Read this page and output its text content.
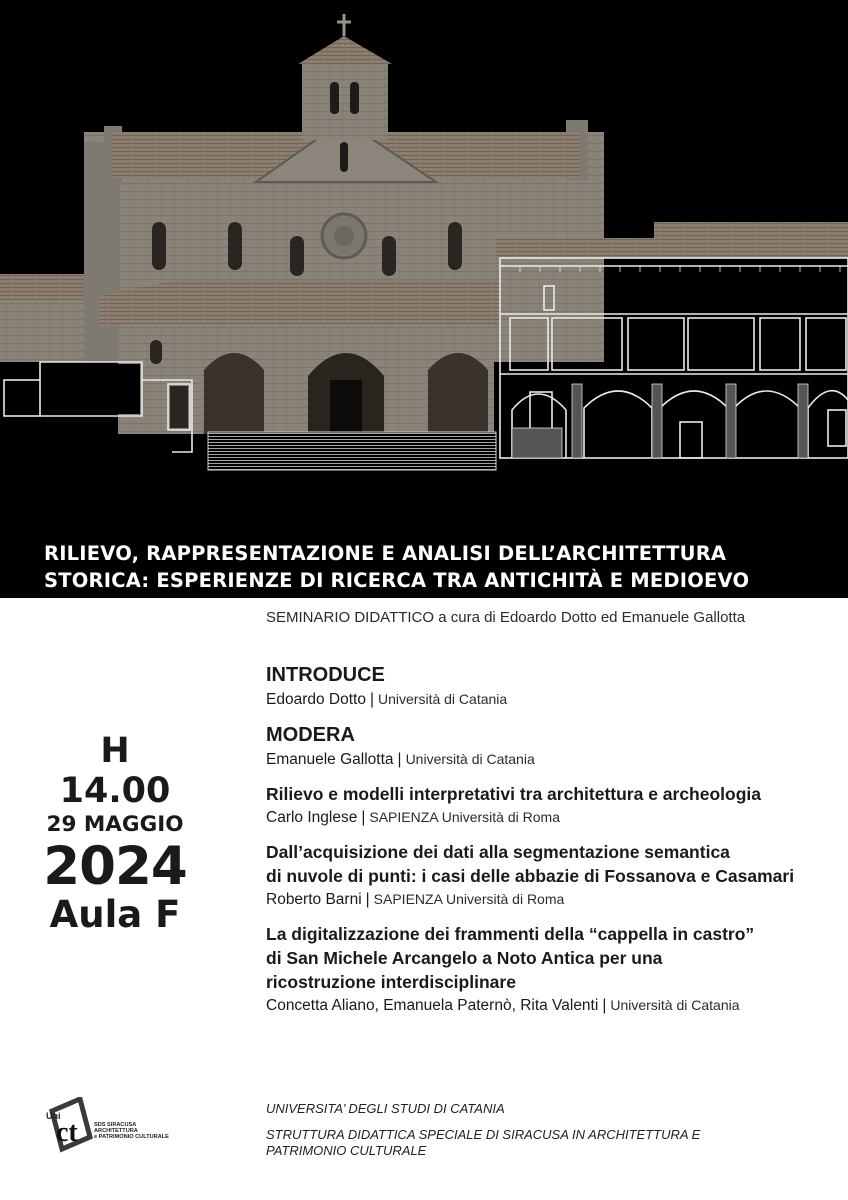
RILIEVO, RAPPRESENTAZIONE E ANALISI DELL’ARCHITETTURA
STORICA: ESPERIENZE DI RICERCA TRA ANTICHITÀ E MEDIOEVO
SEMINARIO DIDATTICO a cura di Edoardo Dotto ed Emanuele Gallotta
H 14.00
29 MAGGIO
2024
Aula F
INTRODUCE
Edoardo Dotto | Università di Catania
MODERA
Emanuele Gallotta | Università di Catania
Rilievo e modelli interpretativi tra architettura e archeologia
Carlo Inglese | SAPIENZA Università di Roma
Dall’acquisizione dei dati alla segmentazione semantica
di nuvole di punti: i casi delle abbazie di Fossanova e Casamari
Roberto Barni | SAPIENZA Università di Roma
La digitalizzazione dei frammenti della “cappella in castro”
di San Michele Arcangelo a Noto Antica per una
ricostruzione interdisciplinare
Concetta Aliano, Emanuela Paternò, Rita Valenti | Università di Catania
Uni
ct	SDS SIRACUSA
ARCHITETTURA
e PATRIMONIO CULTURALE
UNIVERSITA’ DEGLI STUDI DI CATANIA
STRUTTURA DIDATTICA SPECIALE DI SIRACUSA IN ARCHITETTURA E
PATRIMONIO CULTURALE
